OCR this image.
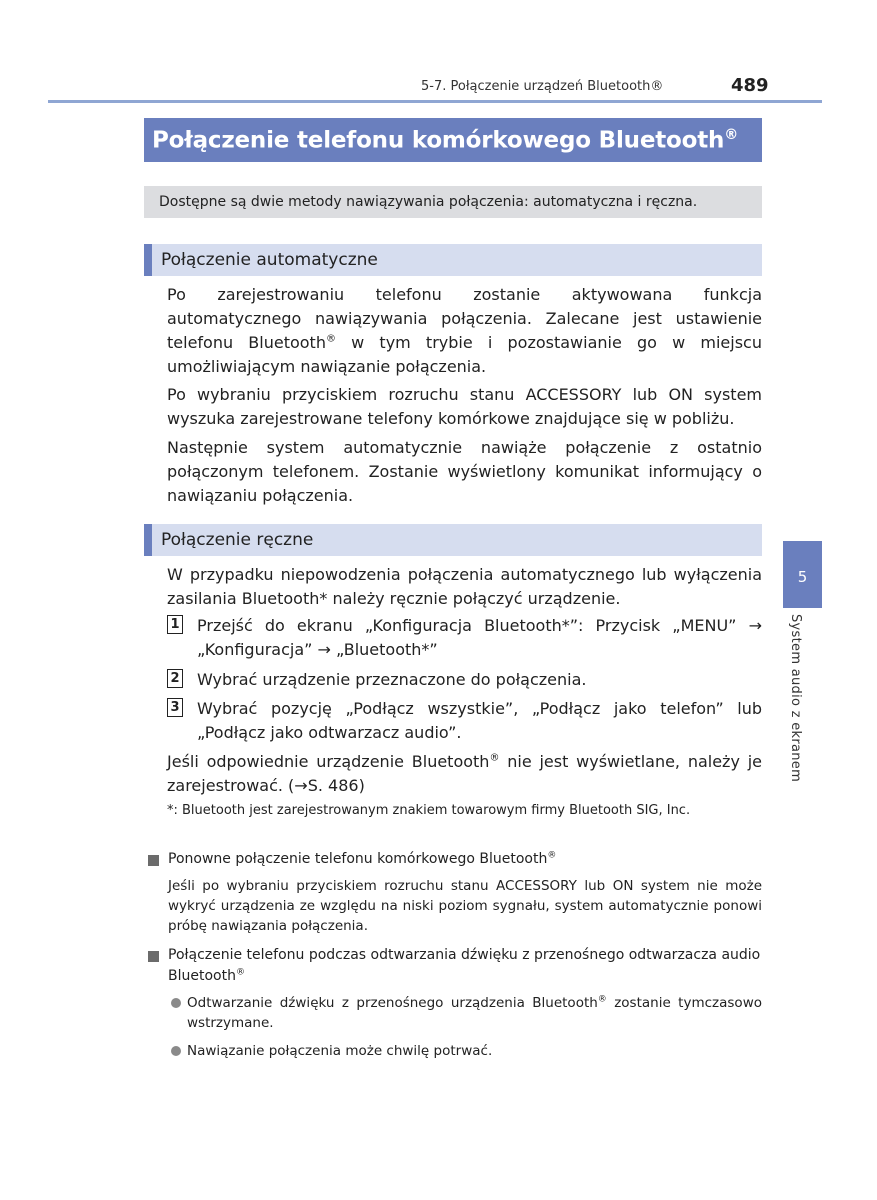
5-7. Połączenie urządzeń Bluetooth®	489
Połączenie telefonu komórkowego Bluetooth®
Dostępne są dwie metody nawiązywania połączenia: automatyczna i ręczna.
Połączenie automatyczne
Po zarejestrowaniu telefonu zostanie aktywowana funkcja automatycznego nawiązywania połączenia. Zalecane jest ustawienie telefonu Bluetooth® w tym trybie i pozostawianie go w miejscu umożliwiającym nawiązanie połączenia.
Po wybraniu przyciskiem rozruchu stanu ACCESSORY lub ON system wyszuka zarejestrowane telefony komórkowe znajdujące się w pobliżu.
Następnie system automatycznie nawiąże połączenie z ostatnio połączonym telefonem. Zostanie wyświetlony komunikat informujący o nawiązaniu połączenia.
Połączenie ręczne
W przypadku niepowodzenia połączenia automatycznego lub wyłączenia zasilania Bluetooth* należy ręcznie połączyć urządzenie.
1 Przejść do ekranu „Konfiguracja Bluetooth*”: Przycisk „MENU” → „Konfiguracja” → „Bluetooth*”
2 Wybrać urządzenie przeznaczone do połączenia.
3 Wybrać pozycję „Podłącz wszystkie”, „Podłącz jako telefon” lub „Podłącz jako odtwarzacz audio”.
Jeśli odpowiednie urządzenie Bluetooth® nie jest wyświetlane, należy je zarejestrować. (→S. 486)
*: Bluetooth jest zarejestrowanym znakiem towarowym firmy Bluetooth SIG, Inc.
Ponowne połączenie telefonu komórkowego Bluetooth®
Jeśli po wybraniu przyciskiem rozruchu stanu ACCESSORY lub ON system nie może wykryć urządzenia ze względu na niski poziom sygnału, system automatycznie ponowi próbę nawiązania połączenia.
Połączenie telefonu podczas odtwarzania dźwięku z przenośnego odtwarzacza audio Bluetooth®
Odtwarzanie dźwięku z przenośnego urządzenia Bluetooth® zostanie tymczasowo wstrzymane.
Nawiązanie połączenia może chwilę potrwać.
5
System audio z ekranem
